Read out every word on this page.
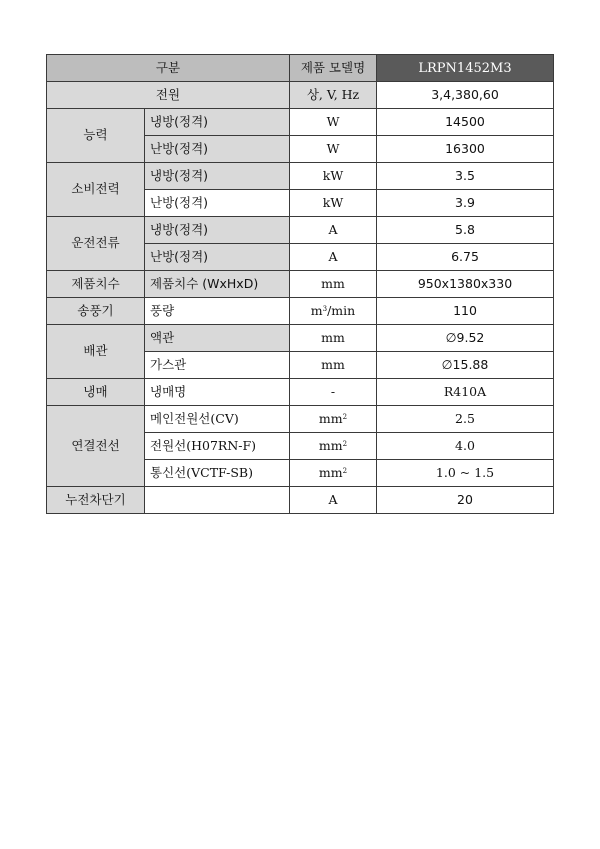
구분		제품 모델명	LRPN1452M3
전원		상, V, Hz	3,4,380,60
능력	냉방(정격)	W	14500
	난방(정격)	W	16300
소비전력	냉방(정격)	kW	3.5
	난방(정격)	kW	3.9
운전전류	냉방(정격)	A	5.8
	난방(정격)	A	6.75
제품치수	제품치수 (WxHxD)	mm	950x1380x330
송풍기	풍량	$m^3/\min$	110
배관	액관	mm	∅9.52
	가스관	mm	∅15.88
냉매	냉매명	-	R410A
연결전선	메인전원선(CV)	$mm^2$	2.5
	전원선(H07RN-F)	$mm^2$	4.0
	통신선(VCTF-SB)	$mm^2$	1.0 ~ 1.5
누전차단기		A	20
